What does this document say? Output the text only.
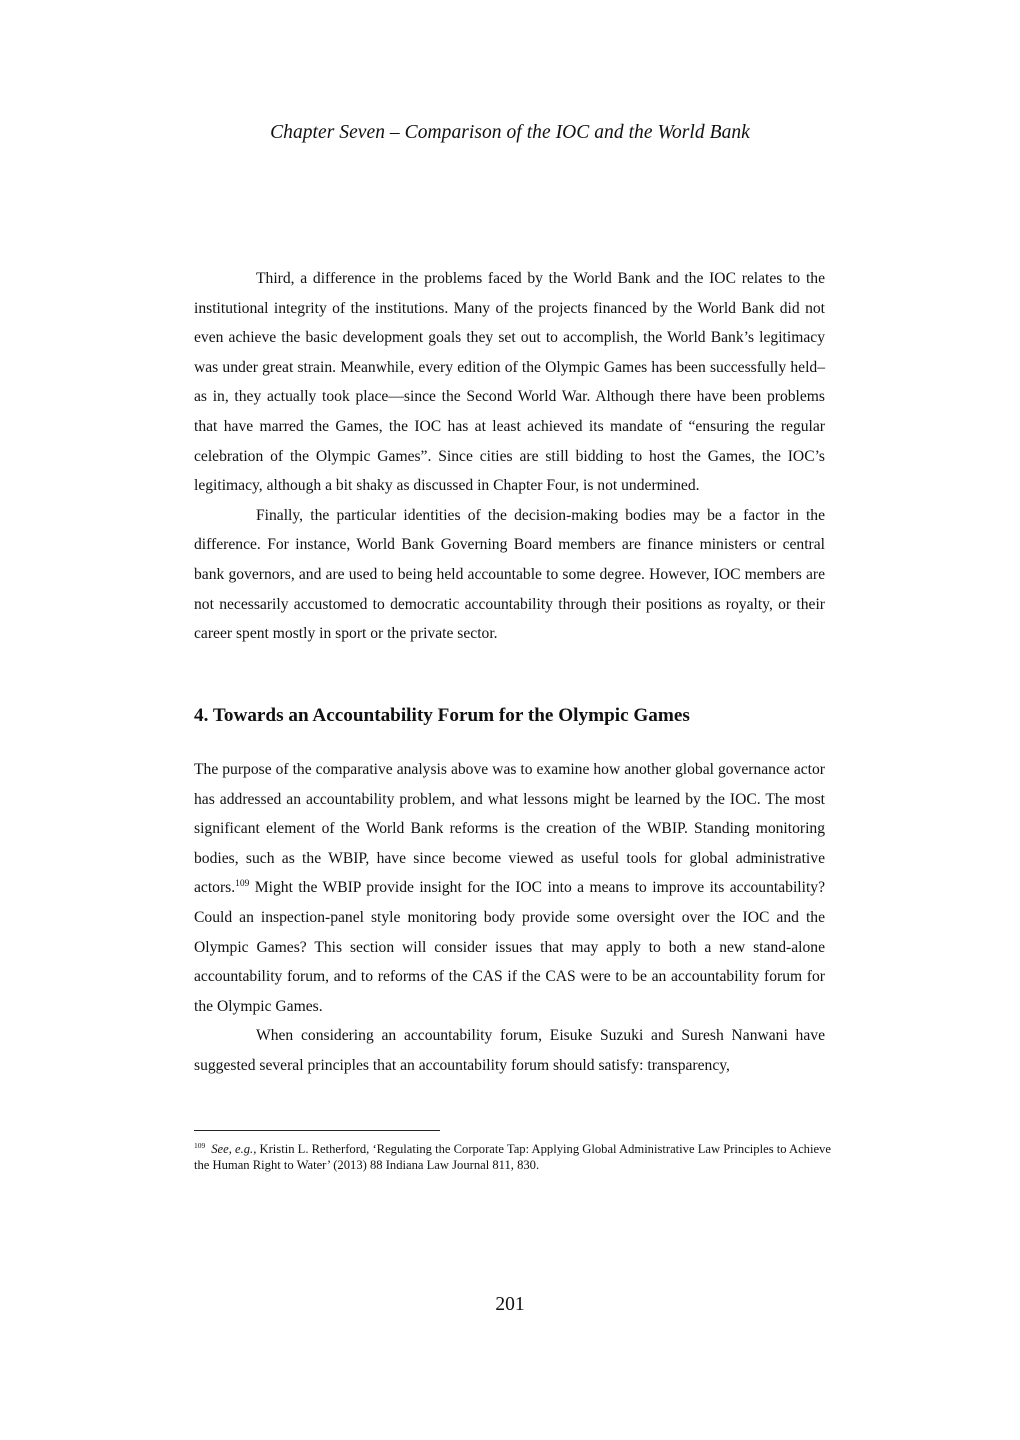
Chapter Seven – Comparison of the IOC and the World Bank

Third, a difference in the problems faced by the World Bank and the IOC relates to the institutional integrity of the institutions. Many of the projects financed by the World Bank did not even achieve the basic development goals they set out to accomplish, the World Bank’s legitimacy was under great strain. Meanwhile, every edition of the Olympic Games has been successfully held–as in, they actually took place—since the Second World War. Although there have been problems that have marred the Games, the IOC has at least achieved its mandate of “ensuring the regular celebration of the Olympic Games”. Since cities are still bidding to host the Games, the IOC’s legitimacy, although a bit shaky as discussed in Chapter Four, is not undermined.

Finally, the particular identities of the decision-making bodies may be a factor in the difference. For instance, World Bank Governing Board members are finance ministers or central bank governors, and are used to being held accountable to some degree. However, IOC members are not necessarily accustomed to democratic accountability through their positions as royalty, or their career spent mostly in sport or the private sector.

4. Towards an Accountability Forum for the Olympic Games

The purpose of the comparative analysis above was to examine how another global governance actor has addressed an accountability problem, and what lessons might be learned by the IOC. The most significant element of the World Bank reforms is the creation of the WBIP. Standing monitoring bodies, such as the WBIP, have since become viewed as useful tools for global administrative actors.$^{109}$ Might the WBIP provide insight for the IOC into a means to improve its accountability? Could an inspection-panel style monitoring body provide some oversight over the IOC and the Olympic Games? This section will consider issues that may apply to both a new stand-alone accountability forum, and to reforms of the CAS if the CAS were to be an accountability forum for the Olympic Games.

When considering an accountability forum, Eisuke Suzuki and Suresh Nanwani have suggested several principles that an accountability forum should satisfy: transparency,

$^{109}$ See, e.g., Kristin L. Retherford, ‘Regulating the Corporate Tap: Applying Global Administrative Law Principles to Achieve the Human Right to Water’ (2013) 88 Indiana Law Journal 811, 830.
201
